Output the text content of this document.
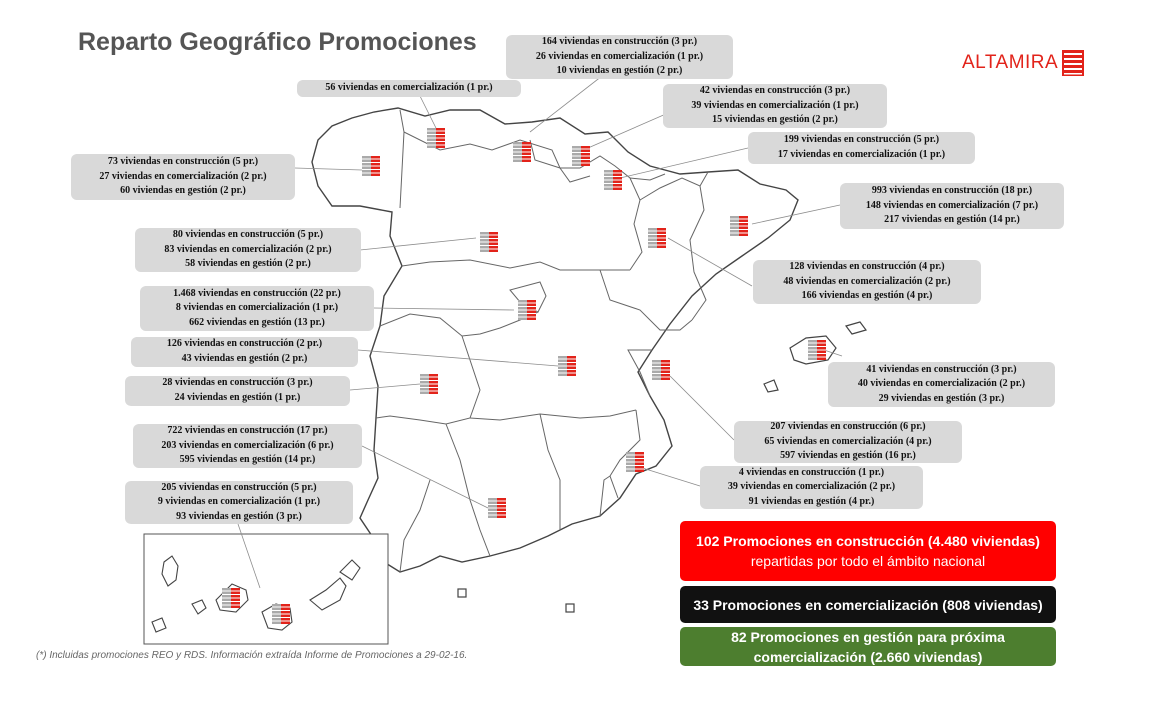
Reparto Geográfico Promociones
ALTAMIRA
164 viviendas en construcción (3 pr.)
26 viviendas en comercialización (1 pr.)
10 viviendas en gestión (2 pr.)
56 viviendas en comercialización (1 pr.)	42 viviendas en construcción (3 pr.)
39 viviendas en comercialización (1 pr.)
15 viviendas en gestión (2 pr.)
199 viviendas en construcción (5 pr.)
17 viviendas en comercialización (1 pr.)
73 viviendas en construcción (5 pr.)
27 viviendas en comercialización (2 pr.)
60 viviendas en gestión (2 pr.)	993 viviendas en construcción (18 pr.)
148 viviendas en comercialización (7 pr.)
217 viviendas en gestión (14 pr.)
80 viviendas en construcción (5 pr.)
83 viviendas en comercialización (2 pr.)
58 viviendas en gestión (2 pr.)	128 viviendas en construcción (4 pr.)
48 viviendas en comercialización (2 pr.)
166 viviendas en gestión (4 pr.)
1.468 viviendas en construcción (22 pr.)
8 viviendas en comercialización (1 pr.)
662 viviendas en gestión (13 pr.)
126 viviendas en construcción (2 pr.)
43 viviendas en gestión (2 pr.)
41 viviendas en construcción (3 pr.)
40 viviendas en comercialización (2 pr.)
29 viviendas en gestión (3 pr.)
28 viviendas en construcción (3 pr.)
24 viviendas en gestión (1 pr.)
207 viviendas en construcción (6 pr.)
65 viviendas en comercialización (4 pr.)
597 viviendas en gestión (16 pr.)
722 viviendas en construcción (17 pr.)
203 viviendas en comercialización (6 pr.)
595 viviendas en gestión (14 pr.)
4 viviendas en construcción (1 pr.)
39 viviendas en comercialización (2 pr.)
91 viviendas en gestión (4 pr.)
205 viviendas en construcción (5 pr.)
9 viviendas en comercialización (1 pr.)
93 viviendas en gestión (3 pr.)
102 Promociones en construcción (4.480 viviendas)
repartidas por todo el ámbito nacional
33 Promociones en comercialización (808 viviendas)
82 Promociones en gestión para próxima
comercialización (2.660 viviendas)
(*) Incluidas promociones REO y RDS. Información extraída Informe de Promociones a 29-02-16.
